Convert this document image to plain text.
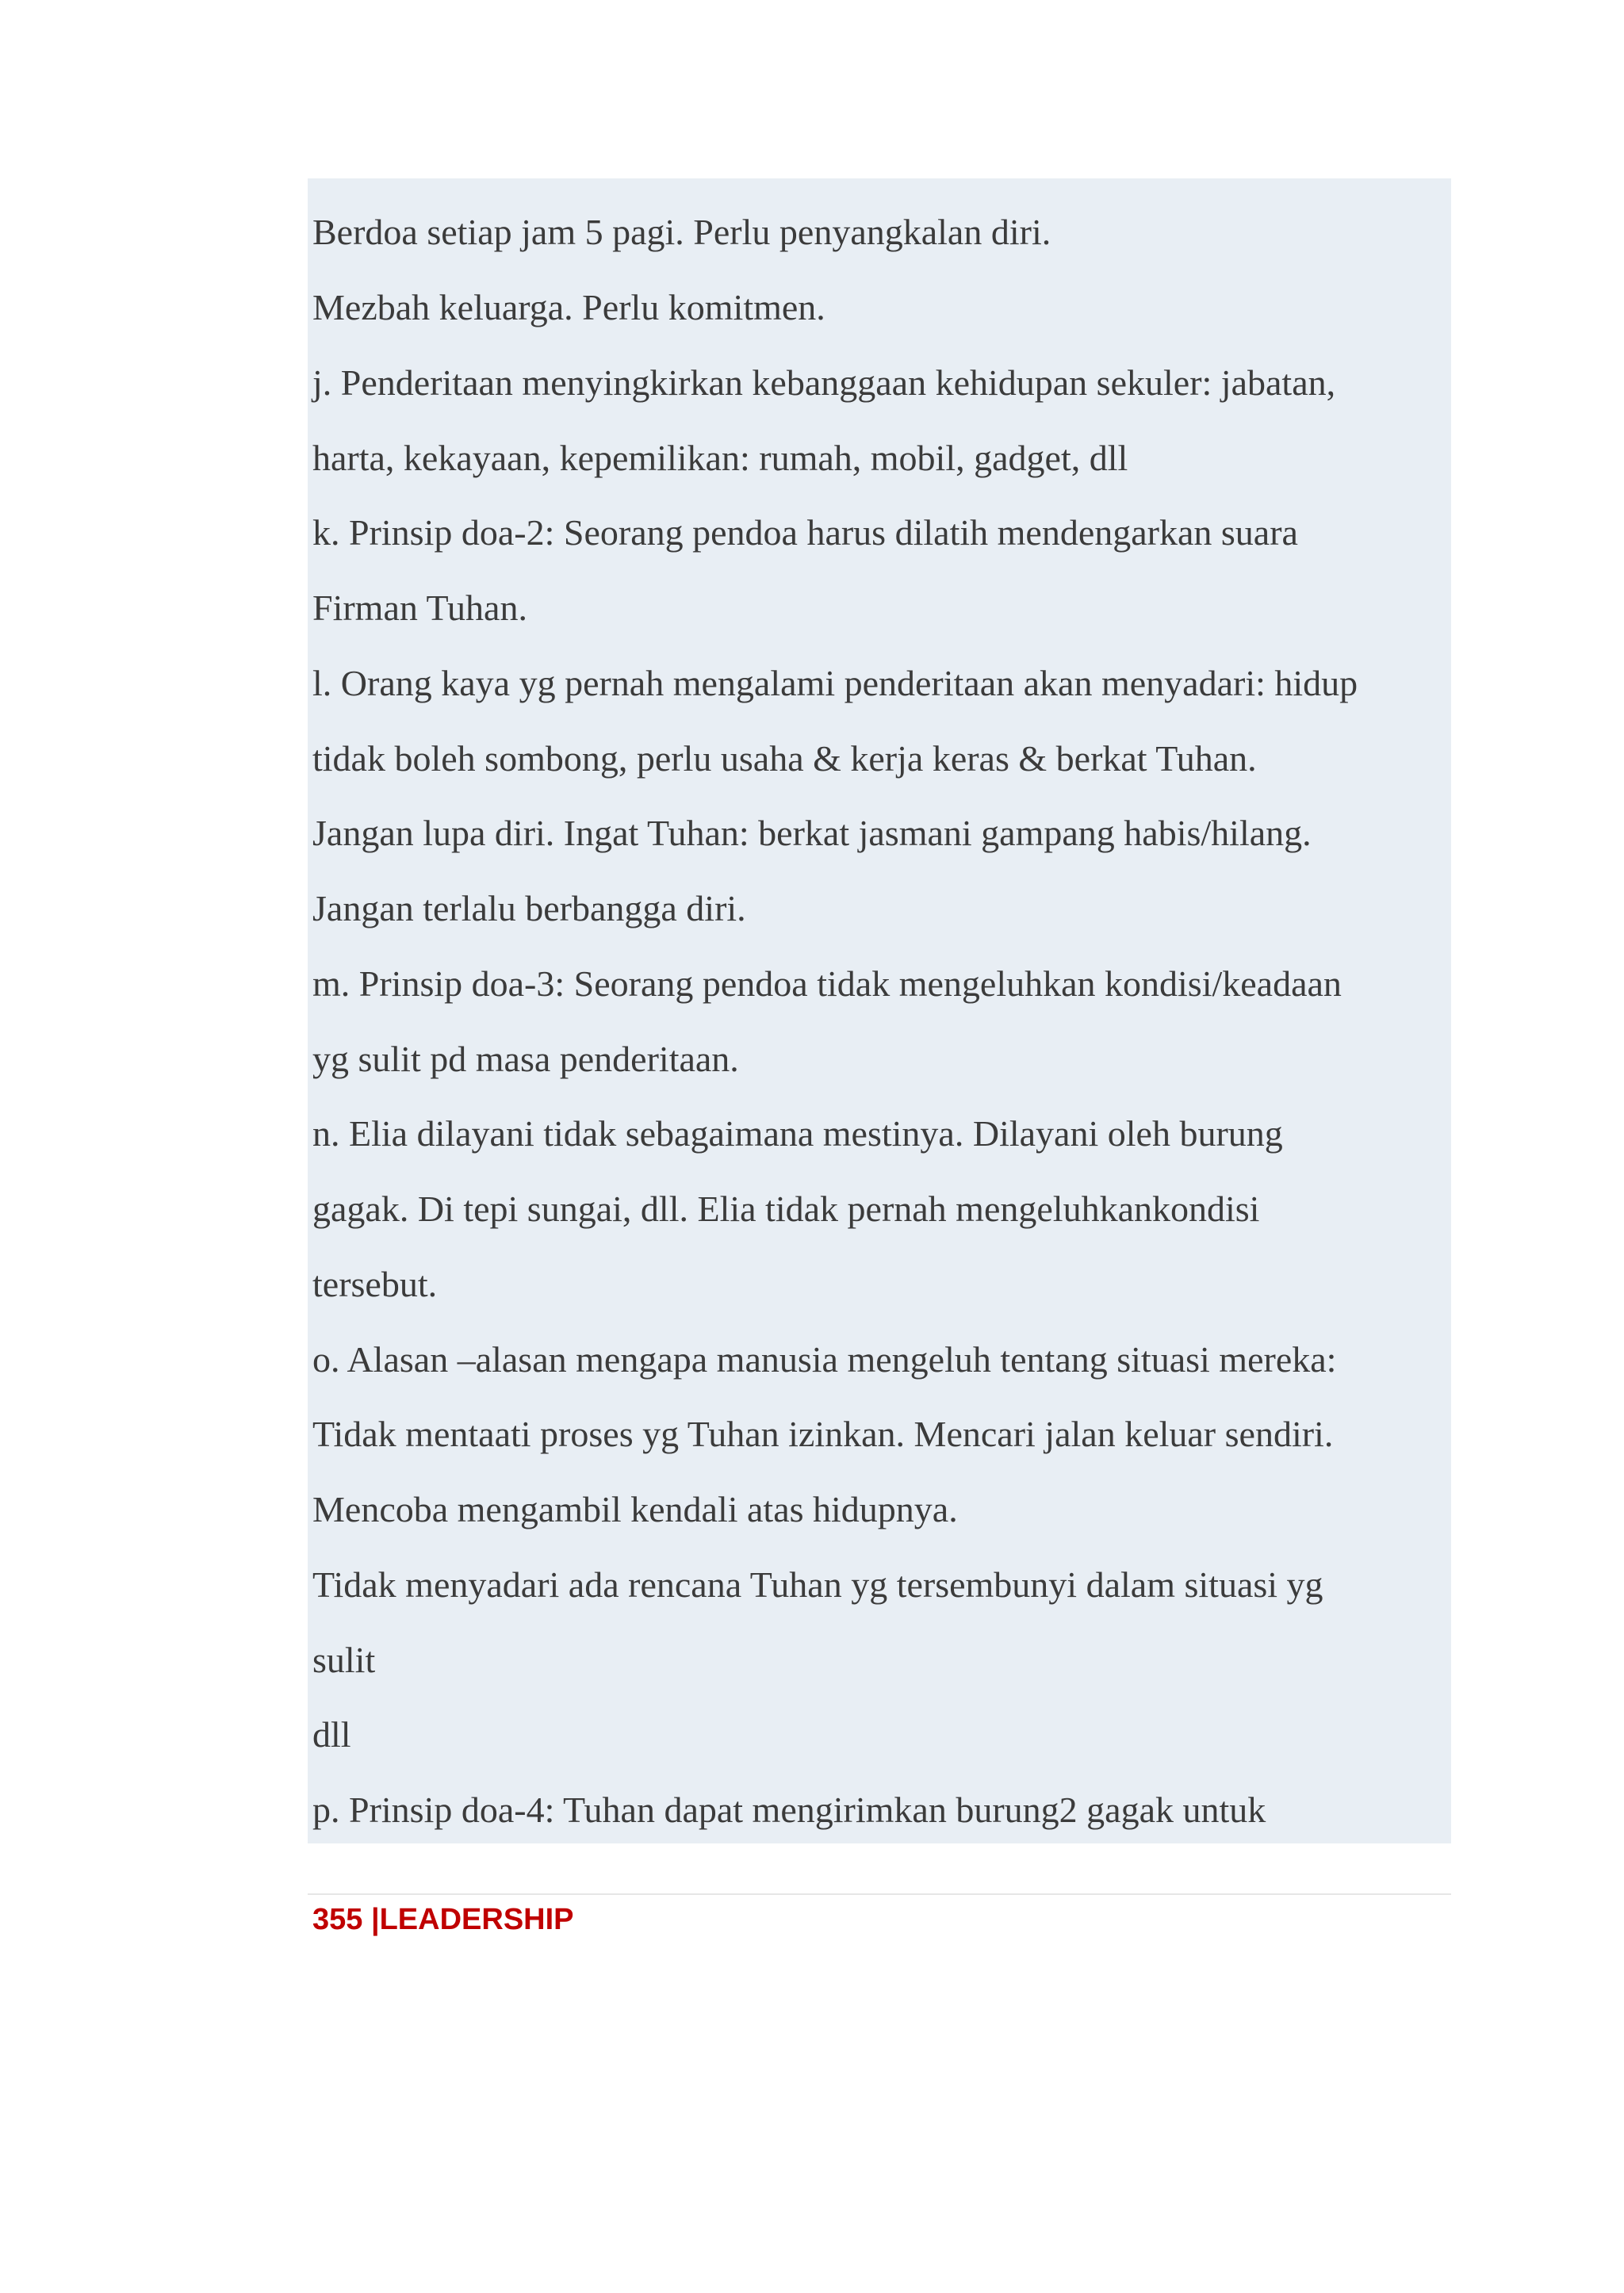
Berdoa setiap jam 5 pagi. Perlu penyangkalan diri.

Mezbah keluarga. Perlu komitmen.

j. Penderitaan menyingkirkan kebanggaan kehidupan sekuler: jabatan,

harta, kekayaan, kepemilikan: rumah, mobil, gadget, dll

k. Prinsip doa-2: Seorang pendoa harus dilatih mendengarkan suara

Firman Tuhan.

l. Orang kaya yg pernah mengalami penderitaan akan menyadari: hidup

tidak boleh sombong, perlu usaha & kerja keras & berkat Tuhan.

Jangan lupa diri. Ingat Tuhan: berkat jasmani gampang habis/hilang.

Jangan terlalu berbangga diri.

m. Prinsip doa-3: Seorang pendoa tidak mengeluhkan kondisi/keadaan

yg sulit pd masa penderitaan.

n. Elia dilayani tidak sebagaimana mestinya. Dilayani oleh burung

gagak. Di tepi sungai, dll. Elia tidak pernah mengeluhkankondisi

tersebut.

o. Alasan –alasan mengapa manusia mengeluh tentang situasi mereka:

Tidak mentaati proses yg Tuhan izinkan. Mencari jalan keluar sendiri.

Mencoba mengambil kendali atas hidupnya.

Tidak menyadari ada rencana Tuhan yg tersembunyi dalam situasi yg

sulit

dll

p. Prinsip doa-4: Tuhan dapat mengirimkan burung2 gagak untuk

355 |LEADERSHIP
